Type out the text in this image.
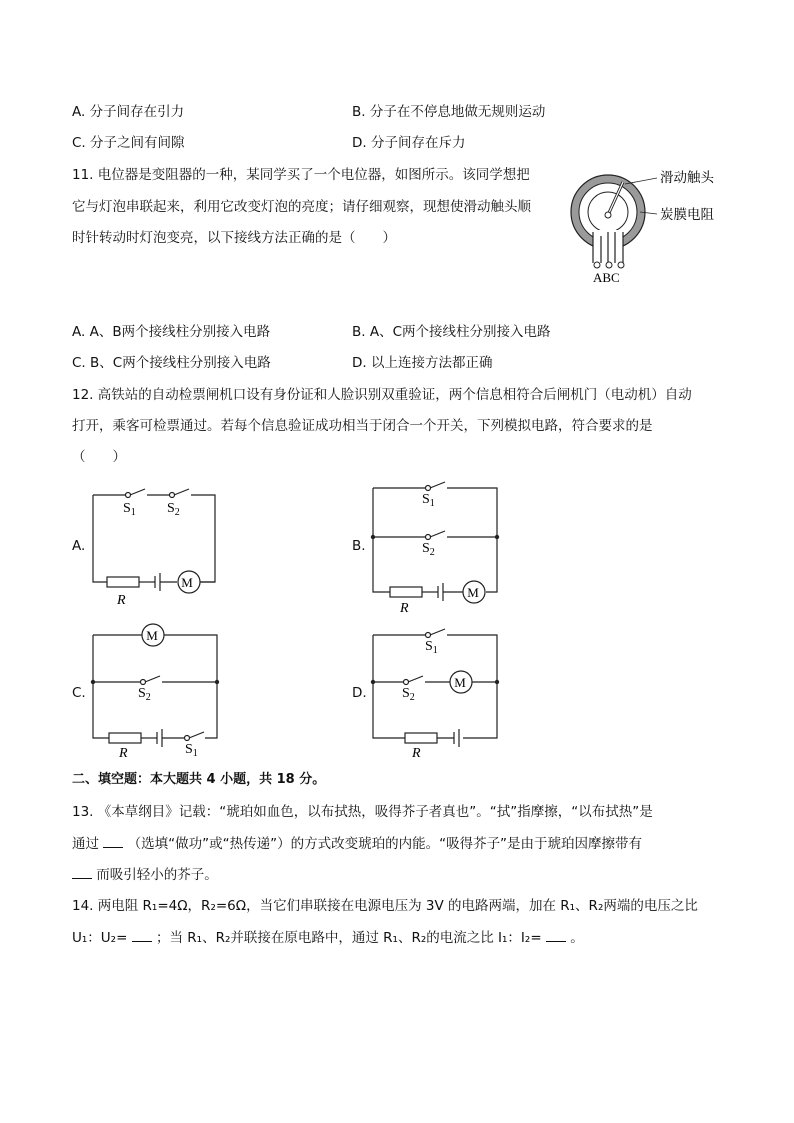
A. 分子间存在引力	B. 分子在不停息地做无规则运动
C. 分子之间有间隙	D. 分子间存在斥力
11. 电位器是变阻器的一种，某同学买了一个电位器，如图所示。该同学想把
它与灯泡串联起来，利用它改变灯泡的亮度；请仔细观察，现想使滑动触头顺
时针转动时灯泡变亮，以下接线方法正确的是（　　）
滑动触头
炭膜电阻
ABC
A. A、B两个接线柱分别接入电路	B. A、C两个接线柱分别接入电路
C. B、C两个接线柱分别接入电路	D. 以上连接方法都正确
12. 高铁站的自动检票闸机口设有身份证和人脸识别双重验证，两个信息相符合后闸机门（电动机）自动
打开，乘客可检票通过。若每个信息验证成功相当于闭合一个开关，下列模拟电路，符合要求的是
（　　）
A.
M
$S_1$ $S_2$
R
B.
M
$S_1$
$S_2$
R
C.
M
$S_2$
$S_1$
R
D.
M
$S_1$
$S_2$
R
二、填空题：本大题共 4 小题，共 18 分。
13. 《本草纲目》记载：“琥珀如血色，以布拭热，吸得芥子者真也”。“拭”指摩擦，“以布拭热”是
通过 （选填“做功”或“热传递”）的方式改变琥珀的内能。“吸得芥子”是由于琥珀因摩擦带有
而吸引轻小的芥子。
14. 两电阻 R₁=4Ω，R₂=6Ω，当它们串联接在电源电压为 3V 的电路两端，加在 R₁、R₂两端的电压之比
U₁：U₂= ；当 R₁、R₂并联接在原电路中，通过 R₁、R₂的电流之比 I₁：I₂= 。
